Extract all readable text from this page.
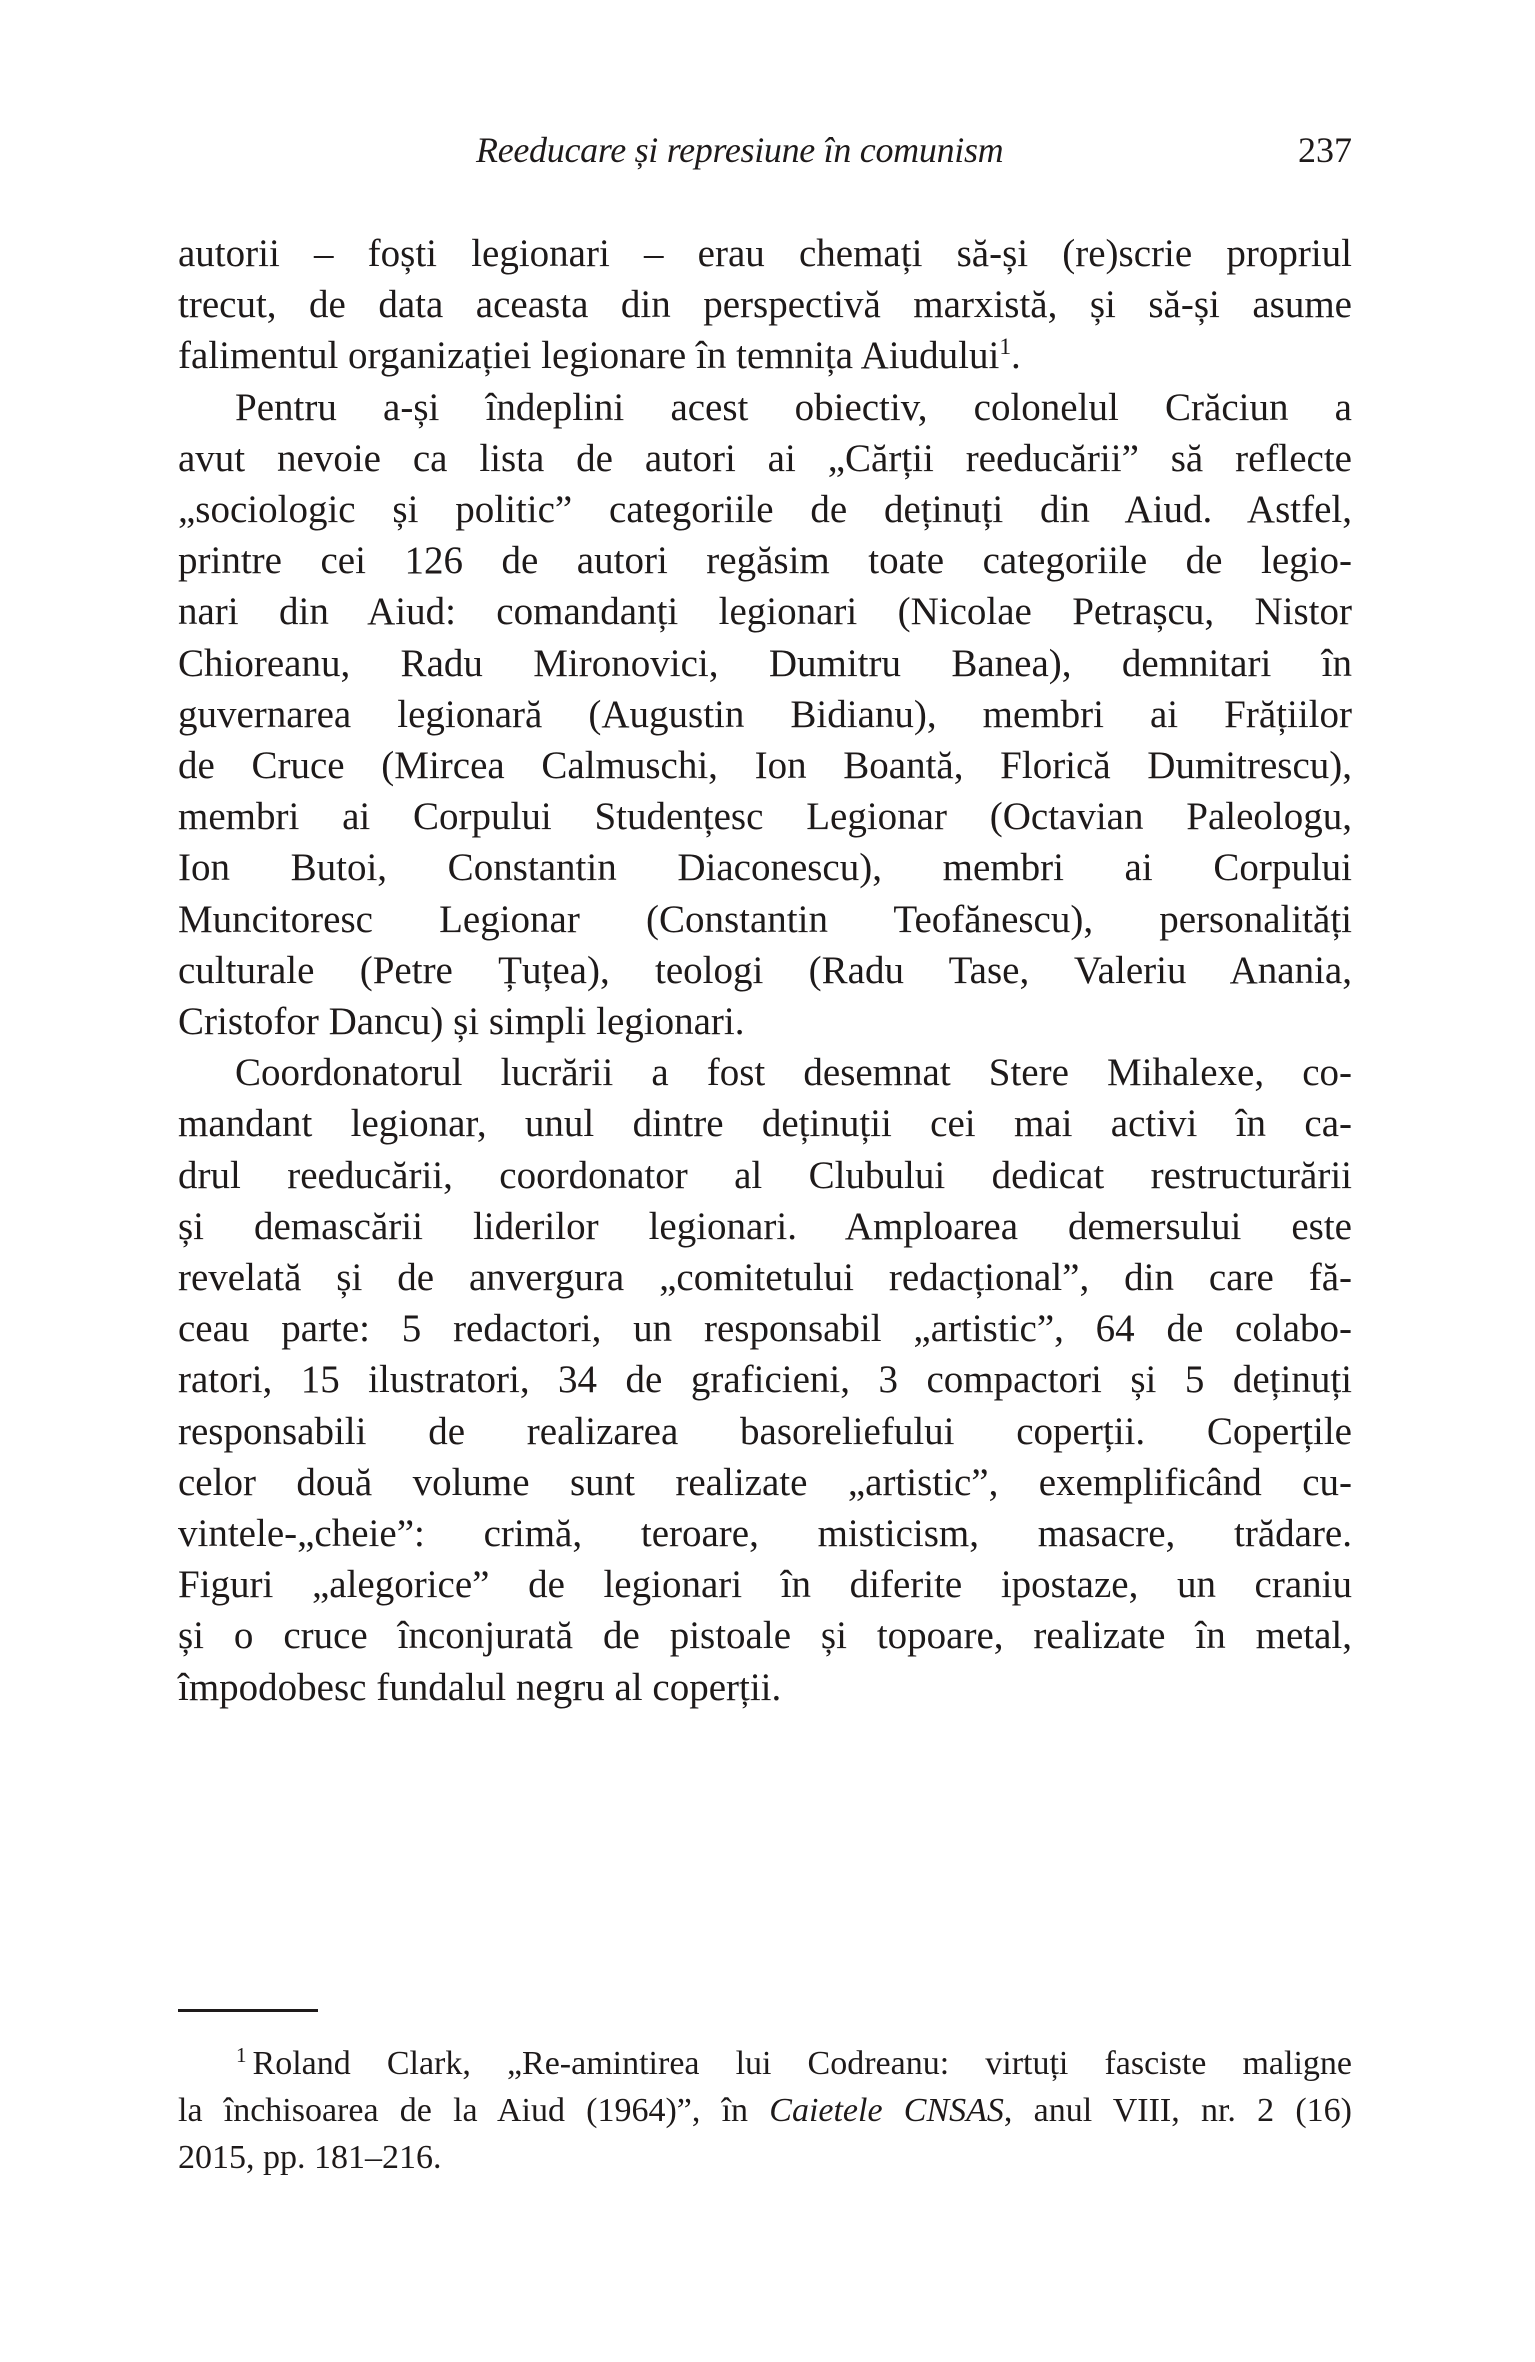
Reeducare și represiune în comunism	237

autorii – foști legionari – erau chemați să-și (re)scrie propriul
trecut, de data aceasta din perspectivă marxistă, și să-și asume
falimentul organizației legionare în temnița Aiudului$^1$.

Pentru a-și îndeplini acest obiectiv, colonelul Crăciun a
avut nevoie ca lista de autori ai „Cărții reeducării” să reflecte
„sociologic și politic” categoriile de deținuți din Aiud. Astfel,
printre cei 126 de autori regăsim toate categoriile de legio-
nari din Aiud: comandanți legionari (Nicolae Petrașcu, Nistor
Chioreanu, Radu Mironovici, Dumitru Banea), demnitari în
guvernarea legionară (Augustin Bidianu), membri ai Frățiilor
de Cruce (Mircea Calmuschi, Ion Boantă, Florică Dumitrescu),
membri ai Corpului Studențesc Legionar (Octavian Paleologu,
Ion Butoi, Constantin Diaconescu), membri ai Corpului
Muncitoresc Legionar (Constantin Teofănescu), personalități
culturale (Petre Țuțea), teologi (Radu Tase, Valeriu Anania,
Cristofor Dancu) și simpli legionari.

Coordonatorul lucrării a fost desemnat Stere Mihalexe, co-
mandant legionar, unul dintre deținuții cei mai activi în ca-
drul reeducării, coordonator al Clubului dedicat restructurării
și demascării liderilor legionari. Amploarea demersului este
revelată și de anvergura „comitetului redacțional”, din care fă-
ceau parte: 5 redactori, un responsabil „artistic”, 64 de colabo-
ratori, 15 ilustratori, 34 de graficieni, 3 compactori și 5 deținuți
responsabili de realizarea basoreliefului coperții. Coperțile
celor două volume sunt realizate „artistic”, exemplificând cu-
vintele-„cheie”: crimă, teroare, misticism, masacre, trădare.
Figuri „alegorice” de legionari în diferite ipostaze, un craniu
și o cruce înconjurată de pistoale și topoare, realizate în metal,
împodobesc fundalul negru al coperții.

$^1$ Roland Clark, „Re-amintirea lui Codreanu: virtuți fasciste maligne
la închisoarea de la Aiud (1964)”, în Caietele CNSAS, anul VIII, nr. 2 (16)
2015, pp. 181–216.
